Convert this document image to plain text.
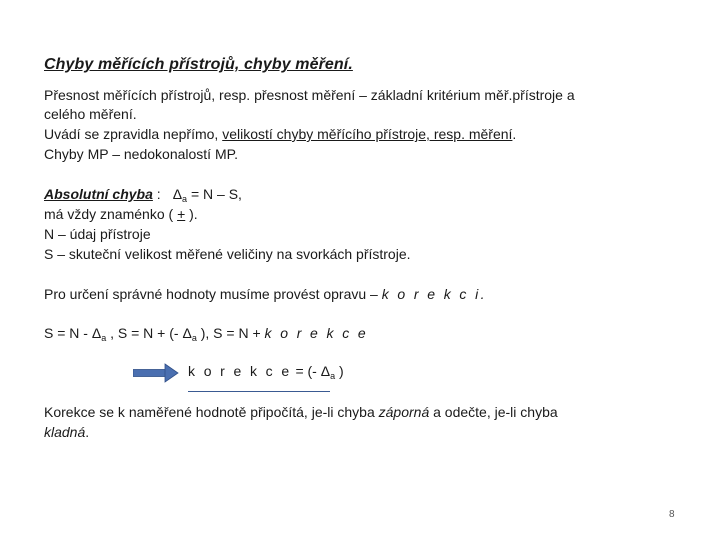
Chyby měřících přístrojů, chyby měření.
Přesnost měřících přístrojů, resp. přesnost měření – základní kritérium měř.přístroje a
celého měření.
Uvádí se zpravidla nepřímo, velikostí chyby měřícího přístroje, resp. měření.
Chyby MP – nedokonalostí MP.
Absolutní chyba : $\Delta_a = N - S$,
má vždy znaménko ( + ).
N – údaj přístroje
S – skuteční velikost měřené veličiny na svorkách přístroje.
Pro určení správné hodnoty musíme provést opravu – k o r e k c i.
$S = N - \Delta_a$ , S = N + (- $\Delta_a$ ), S = N + k o r e k c e
k o r e k c e = (- $\Delta_a$ )
Korekce se k naměřené hodnotě připočítá, je-li chyba záporná a odečte, je-li chyba
kladná.
8
